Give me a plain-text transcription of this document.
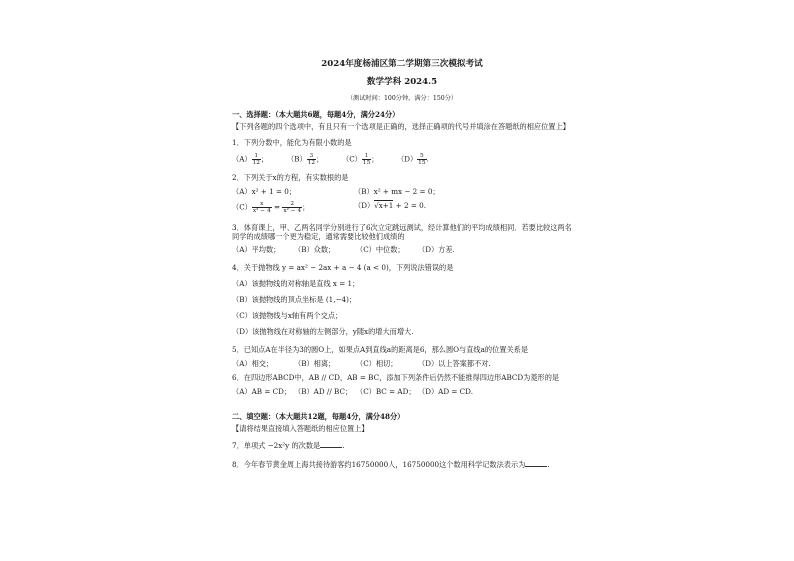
2024年度杨浦区第二学期第三次模拟考试
数学学科 2024.5
（测试时间：100分钟，满分：150分）
一、选择题：（本大题共6题，每题4分，满分24分）
【下列各题的四个选项中，有且只有一个选项是正确的，选择正确项的代号并填涂在答题纸的相应位置上】
1．下列分数中，能化为有限小数的是
$(A) \frac{1}{12}$ ；	$(B) \frac{3}{12}$ ；	$(C) \frac{1}{15}$ ；	$(D) \frac{5}{15}$ .
2．下列关于x的方程，有实数根的是
（A）x² + 1 = 0；	（B）x² + mx − 2 = 0；
$(C) \frac{x}{\text{x² − 4}} = \frac{2}{\text{x² − 4}}$ ；	（D）√x+1 + 2 = 0.
3．体育课上，甲、乙两名同学分别进行了6次立定跳远测试，经计算他们的平均成绩相同．若要比较这两名同学的成绩哪一个更为稳定，通常需要比较他们成绩的
（A）平均数；	（B）众数；	（C）中位数；	（D）方差.
4．关于抛物线 y = ax² − 2ax + a − 4 (a < 0)，下列说法错误的是
（A）该抛物线的对称轴是直线 x = 1；
（B）该抛物线的顶点坐标是 (1,−4)；
（C）该抛物线与x轴有两个交点；
（D）该抛物线在对称轴的左侧部分，y随x的增大而增大.
5．已知点A在半径为3的圆O上，如果点A到直线a的距离是6，那么圆O与直线a的位置关系是
（A）相交；	（B）相离；	（C）相切；	（D）以上答案都不对.
6．在四边形ABCD中，AB // CD，AB = BC，添加下列条件后仍然不能推得四边形ABCD为菱形的是
（A）AB = CD； （B）AD // BC； （C）BC = AD； （D）AD = CD.
二、填空题：（本大题共12题，每题4分，满分48分）
【请将结果直接填入答题纸的相应位置上】
7．单项式 −2x²y 的次数是	.
8．今年春节黄金周上海共接待游客约16750000人，16750000这个数用科学记数法表示为	.
